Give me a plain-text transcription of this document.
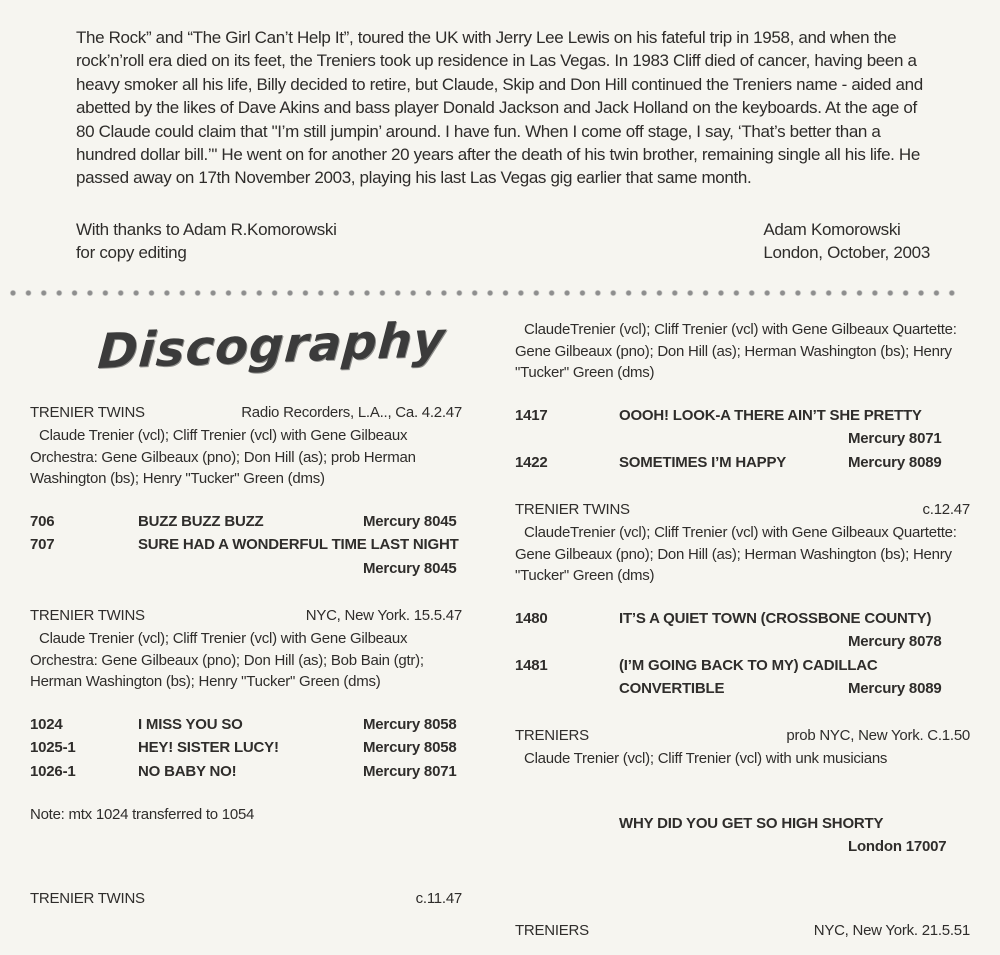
The Rock” and “The Girl Can’t Help It”, toured the UK with Jerry Lee Lewis on his fateful trip in 1958, and when the rock’n’roll era died on its feet, the Treniers took up residence in Las Vegas. In 1983 Cliff died of cancer, having been a heavy smoker all his life, Billy decided to retire, but Claude, Skip and Don Hill continued the Treniers name - aided and abetted by the likes of Dave Akins and bass player Donald Jackson and Jack Holland on the keyboards. At the age of 80 Claude could claim that "I’m still jumpin’ around. I have fun. When I come off stage, I say, ‘That’s better than a hundred dollar bill.’" He went on for another 20 years after the death of his twin brother, remaining single all his life. He passed away on 17th November 2003, playing his last Las Vegas gig earlier that same month.

With thanks to Adam R.Komorowski
for copy editing
Adam Komorowski
London, October, 2003
Discography
TRENIER TWINS	Radio Recorders, L.A.., Ca. 4.2.47
Claude Trenier (vcl); Cliff Trenier (vcl) with Gene Gilbeaux Orchestra: Gene Gilbeaux (pno); Don Hill (as); prob Herman Washington (bs); Henry "Tucker" Green (dms)
706	BUZZ BUZZ BUZZ	Mercury 8045
707	SURE HAD A WONDERFUL TIME LAST NIGHT
Mercury 8045
TRENIER TWINS	NYC, New York. 15.5.47
Claude Trenier (vcl); Cliff Trenier (vcl) with Gene Gilbeaux Orchestra: Gene Gilbeaux (pno); Don Hill (as); Bob Bain (gtr); Herman Washington (bs); Henry "Tucker" Green (dms)
1024	I MISS YOU SO	Mercury 8058
1025-1	HEY! SISTER LUCY!	Mercury 8058
1026-1	NO BABY NO!	Mercury 8071
Note: mtx 1024 transferred to 1054
TRENIER TWINS	c.11.47
ClaudeTrenier (vcl); Cliff Trenier (vcl) with Gene Gilbeaux Quartette: Gene Gilbeaux (pno); Don Hill (as); Herman Washington (bs); Henry "Tucker" Green (dms)
1417	OOOH! LOOK-A THERE AIN’T SHE PRETTY
Mercury 8071
1422	SOMETIMES I’M HAPPY	Mercury 8089
TRENIER TWINS	c.12.47
ClaudeTrenier (vcl); Cliff Trenier (vcl) with Gene Gilbeaux Quartette: Gene Gilbeaux (pno); Don Hill (as); Herman Washington (bs); Henry "Tucker" Green (dms)
1480	IT’S A QUIET TOWN (CROSSBONE COUNTY)
Mercury 8078
1481	(I’M GOING BACK TO MY) CADILLAC
CONVERTIBLE	Mercury 8089
TRENIERS	prob NYC, New York. C.1.50
Claude Trenier (vcl); Cliff Trenier (vcl) with unk musicians
WHY DID YOU GET SO HIGH SHORTY
London 17007
TRENIERS	NYC, New York. 21.5.51
